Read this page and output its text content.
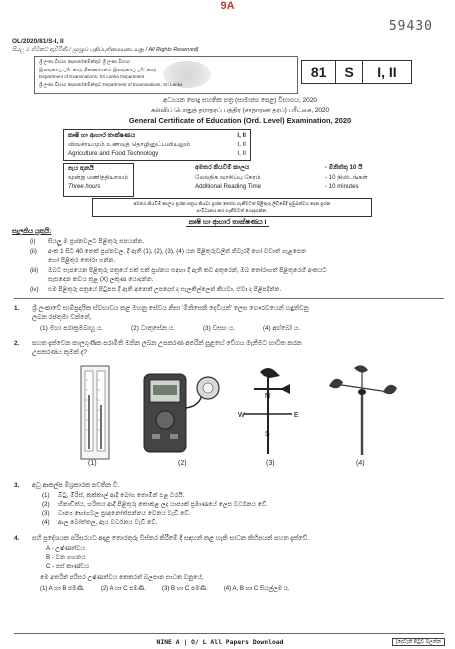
9A
59430
OL/2020/81/S-I, II
සියලු ම හිමිකම් ඇවිරිණි / முழுப் பதிப்புரிமையுடையது / All Rights Reserved]
ශ්‍රී ලංකා විභාග දෙපාර්තමේන්තුව ශ්‍රී ලංකා විභාග
இலங்கைப் பரீட்சைத் திணைக்களம் இலங்கைப் பரீட்சைத்
Department of Examinations, Sri Lanka Department
ශ්‍රී ලංකා විභාග දෙපාර්තමේන්තුව Department of Examinations, Sri Lanka
81	S	I, II
අධ්‍යයන පොදු සහතික පත්‍ර (සාමාන්‍ය පෙළ) විභාගය, 2020
கல்விப் பொதுத் தராதரப் பத்திர (சாதாரண தரப்) பரீட்சை, 2020
General Certificate of Education (Ord. Level) Examination, 2020
කෘෂි හා ආහාර තාක්ෂණය	I, II
விவசாயமும் உணவுத் தொழினுட்பவியலும்	I, II
Agriculture and Food Technology	I, II
පැය තුනයි
மூன்று மணித்தியாலம்
Three hours
අමතර කියවීම් කාලය	- මිනිත්තු 10 යි
மேலதிக வாசிப்பு நேரம்	- 10 நிமிடங்கள்
Additional Reading Time	- 10 minutes
අමතර කියවීම් කාලය ප්‍රශ්න පත්‍රය කියවා ප්‍රශ්න තෝරා ගැනීමටත් පිළිතුරු ලිවීමේදී ප්‍රමුඛත්වය දෙන ප්‍රශ්න
සංවිධානය කර ගැනීමටත් යොදාගන්න.
කෘෂි හා ආහාර තාක්ෂණය I
සැලකිය යුතුයි:
(i)	සියලු ම ප්‍රශ්නවලට පිළිතුරු සපයන්න.
(ii)	අංක 1 සිට 40 තෙක් ප්‍රශ්නවල, දී ඇති (1), (2), (3), (4) යන පිළිතුරුවලින් නිවැරදි හෝ වඩාත් ගැළපෙන
හෝ පිළිතුර තෝරා ගන්න.
(iii)	ඔබට සැපයෙන පිළිතුරු පත්‍රයේ එක් එක් ප්‍රශ්නය සඳහා දී ඇති කව අතුරෙන්, ඔබ තෝරාගත් පිළිතුරෙහි අංකයට
සැසඳෙන කවය තුළ (X) ලකුණ යොදන්න.
(iv)	එම පිළිතුරු පත්‍රයේ පිටුපස දී ඇති අනෙක් උපදෙස් ද සැලකිල්ලෙන් කියවා, ඒවා ද පිළිපදින්න.
1.	ශ්‍රී ලංකාවේ සාම්ප්‍රදායික ස්වභාවය කළ මහනු සේවය නිසා 'මිනිසෙකි දෙවියන්' ලෙස ගෞරවයෙන් හඳුන්වනු
ලබන රජතුමා වන්නේ,
(1) මහා පරාක්‍රමබාහු ය.	(2) ධාතුසේන ය.	(3) වසභ ය.	(4) අග්බෝ ය.
2.	පහත දැක්වෙන කාලගුණික පරාමිති මනින ලබන උපකරණ අතරින් සුළඟේ වේගය මැනීමට භාවිත කරන
උපකරණය කුමක් ද?
W	E
N
S
(1)	(2)	(3)	(4)
3.	අධූ ආකල්ප මිශ්‍රකාරක පවතින වී.
(1)	බිටු, මිරිස්, කක්කාල් ආදී බෝග තොමින් එළ වරයි.
(2)	හිනාඩීත්ය, හරිතය ආදී පිළිතුරු තොකළ ලද යාප්‍යක් ප්‍රමාණයේ ලෙස වර්ධනය වේ.
(3)	ධාන්‍ය භෝගවල ප්‍රඥනෝත්පන්නය වෙනය වැඩි වේ.
(4)	ආල බෝත්තල, ඇය වර්ධනය වැඩි වේ.
4.	පහි ප්‍රදේශයක පරිසරයට අදාළ තොරතුරු විස්තර කිරීමේ දී සඳහන් කළ හැකි සාධක කිහිපයක් පහත දැක්වේ.
A - උෂ්ණත්වය
B - වන ගහනය
C - පස් කාණ්ඩය
මෙ අතරින් පරිසර උෂ්ණත්වය කෙකරන් බලපාන සාධක වනුයේ,
(1) A හා B පමණි.	(2) A හා C පමණි.	(3) B හා C පමණි.	(4) A, B හා C සියල්ලම ය.
NINE A | O/ L All Papers Download	[දෙවැනි පිටුව බලන්න
